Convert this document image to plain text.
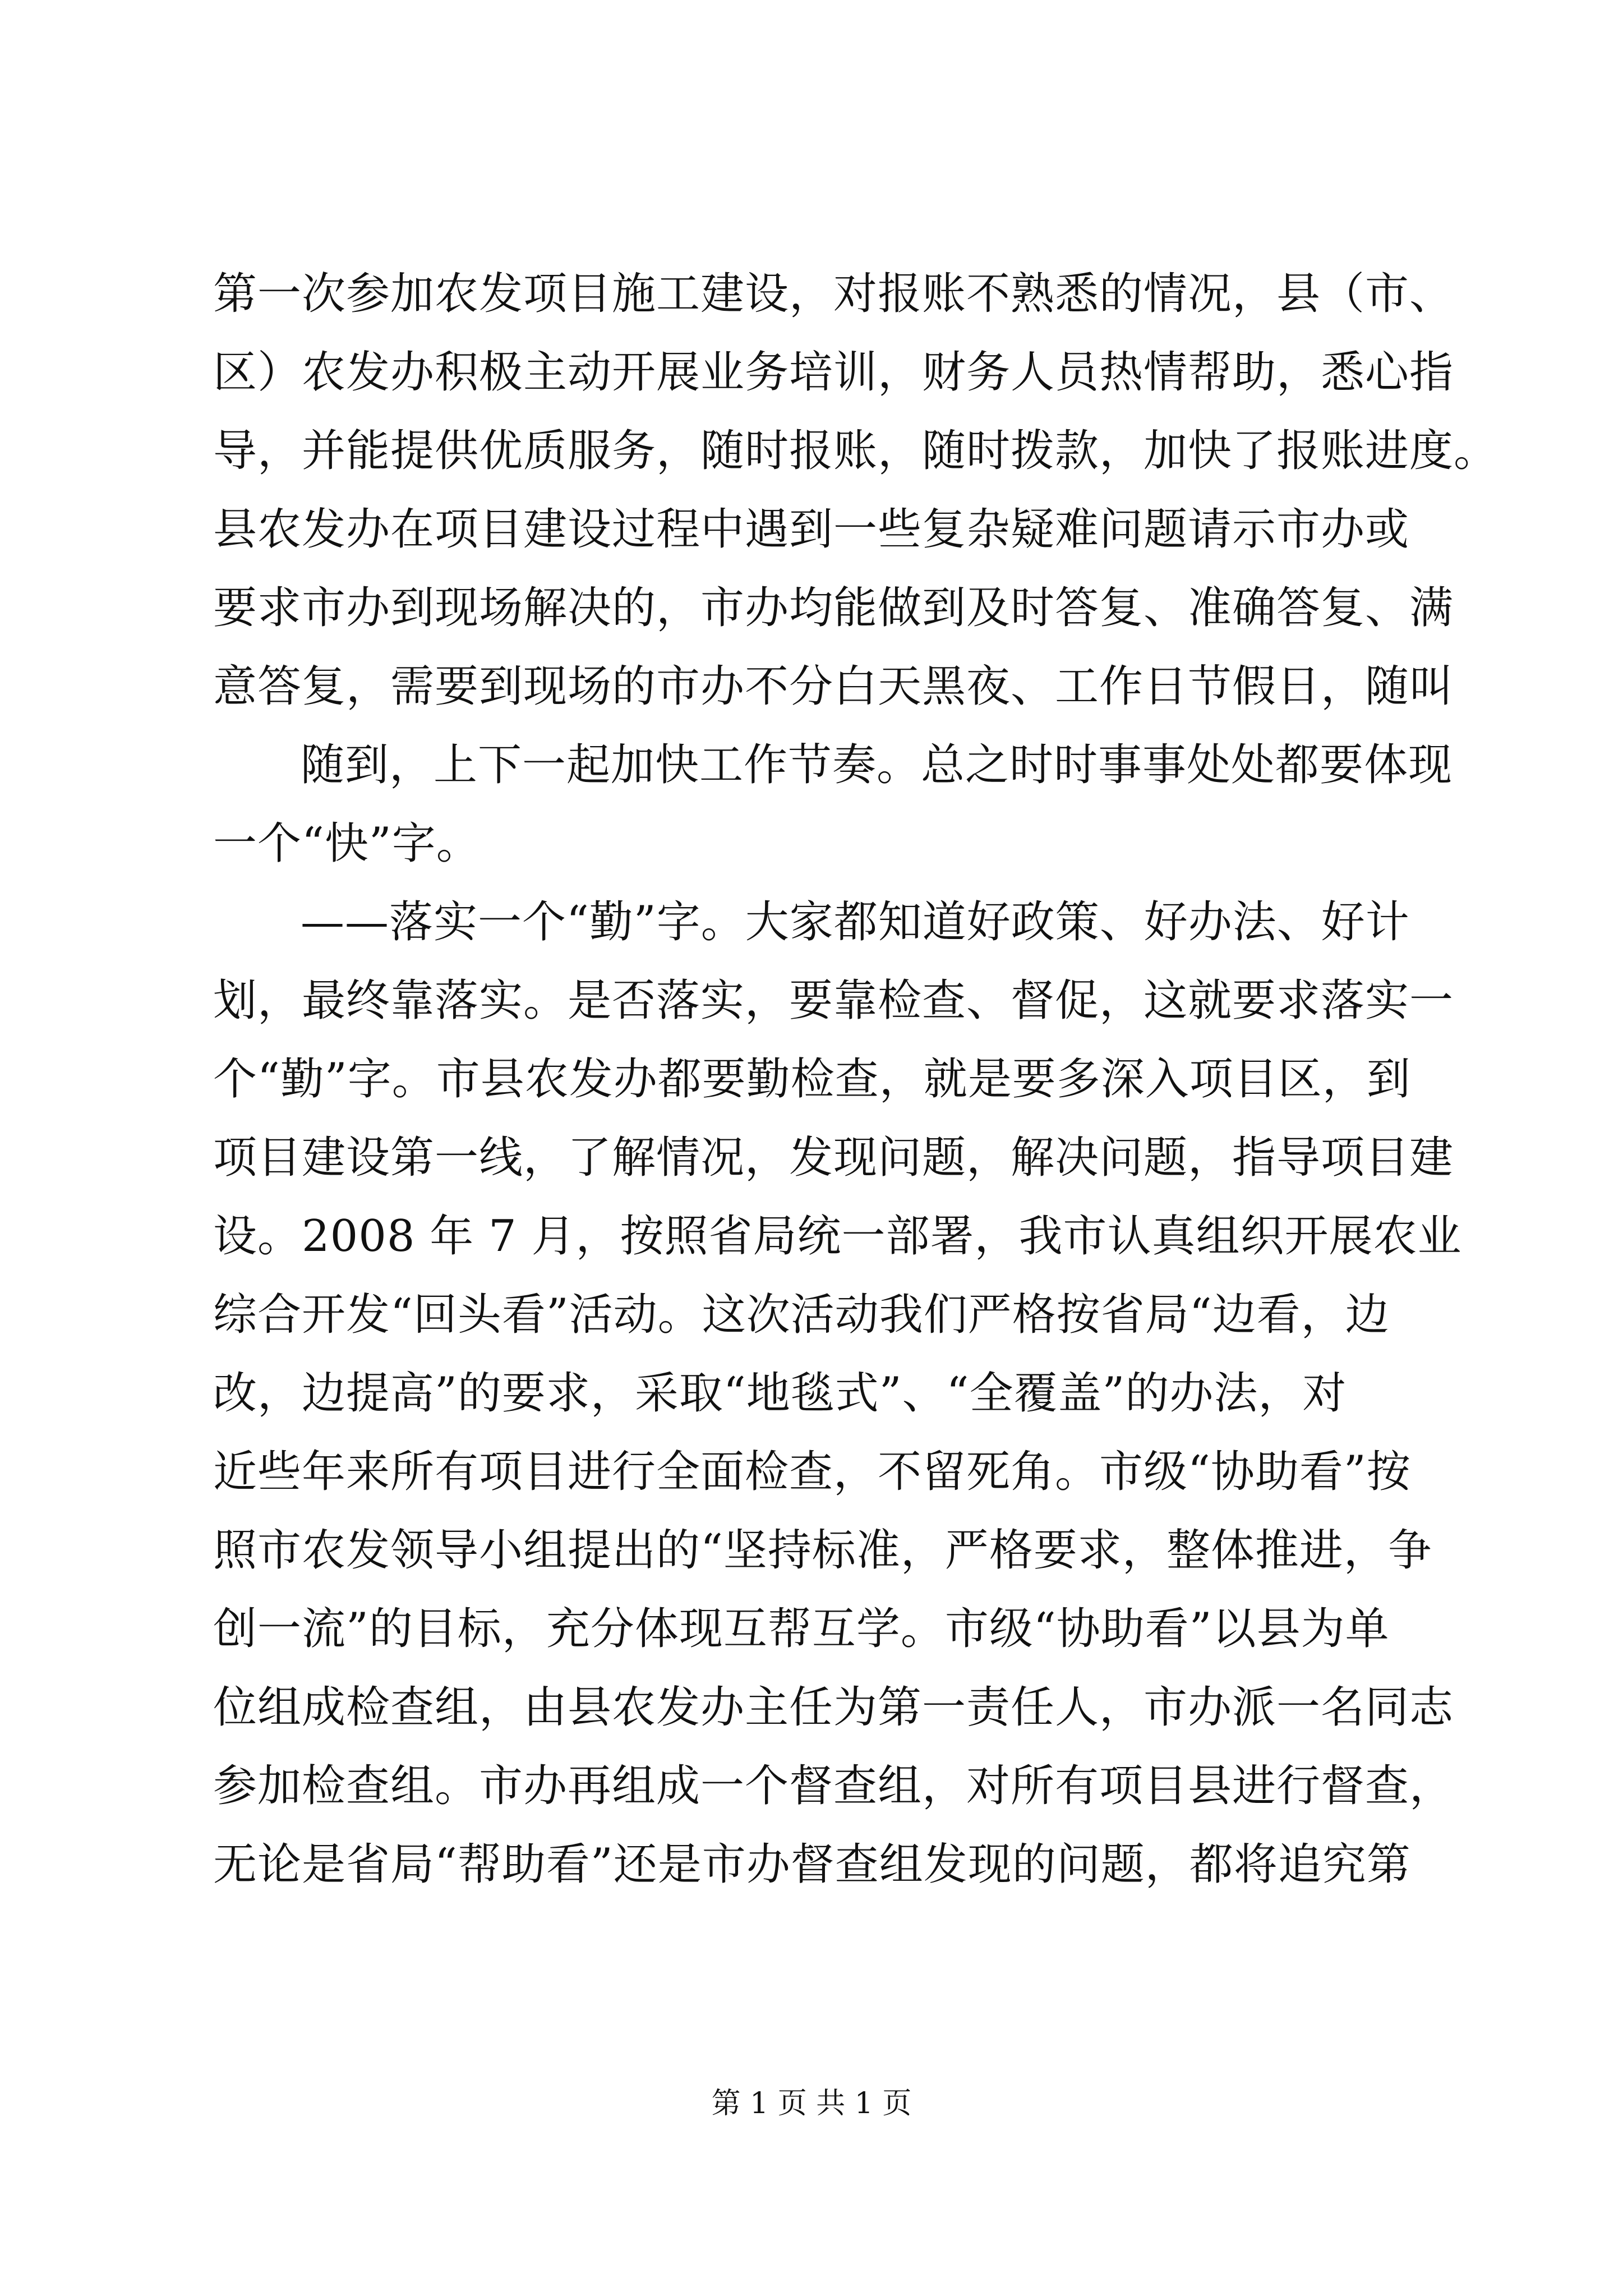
第一次参加农发项目施工建设，对报账不熟悉的情况，县（市、
区）农发办积极主动开展业务培训，财务人员热情帮助，悉心指
导，并能提供优质服务，随时报账，随时拨款，加快了报账进度。
县农发办在项目建设过程中遇到一些复杂疑难问题请示市办或
要求市办到现场解决的，市办均能做到及时答复、准确答复、满
意答复，需要到现场的市办不分白天黑夜、工作日节假日，随叫
随到，上下一起加快工作节奏。总之时时事事处处都要体现
一个“快”字。
——落实一个“勤”字。大家都知道好政策、好办法、好计
划，最终靠落实。是否落实，要靠检查、督促，这就要求落实一
个“勤”字。市县农发办都要勤检查，就是要多深入项目区，到
项目建设第一线，了解情况，发现问题，解决问题，指导项目建
设。2008 年 7 月，按照省局统一部署，我市认真组织开展农业
综合开发“回头看”活动。这次活动我们严格按省局“边看，边
改，边提高”的要求，采取“地毯式”、“全覆盖”的办法，对
近些年来所有项目进行全面检查，不留死角。市级“协助看”按
照市农发领导小组提出的“坚持标准，严格要求，整体推进，争
创一流”的目标，充分体现互帮互学。市级“协助看”以县为单
位组成检查组，由县农发办主任为第一责任人，市办派一名同志
参加检查组。市办再组成一个督查组，对所有项目县进行督查，
无论是省局“帮助看”还是市办督查组发现的问题，都将追究第
第 1 页 共 1 页
